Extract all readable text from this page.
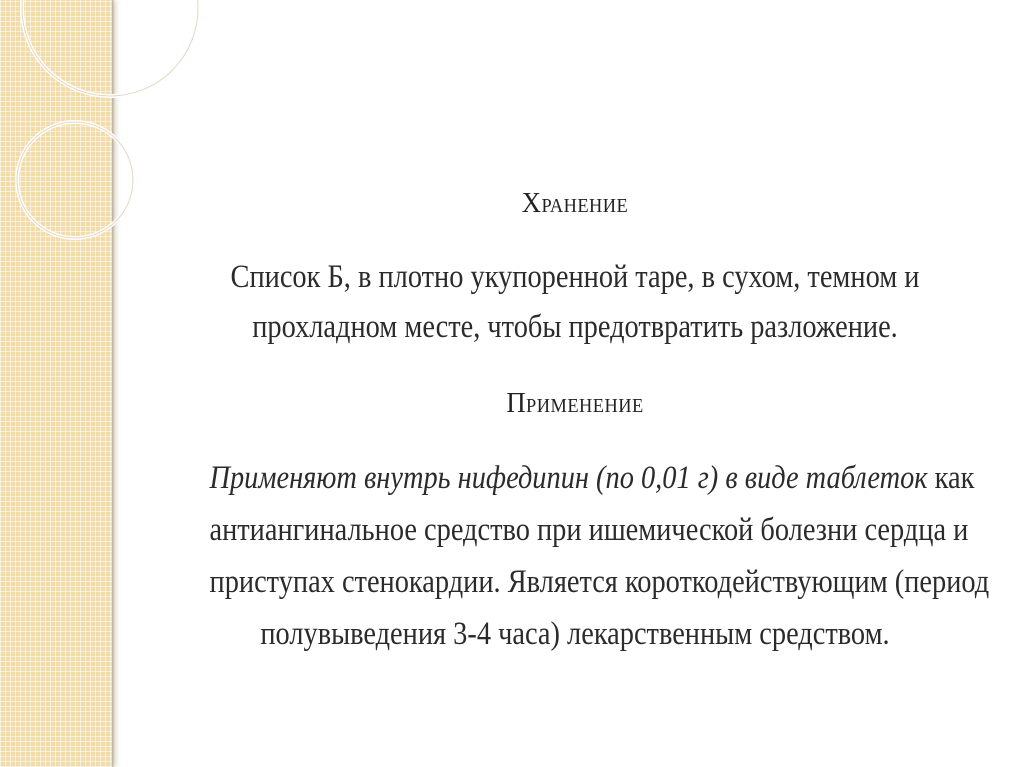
Хранение
Список Б, в плотно укупоренной таре, в сухом, темном и
прохладном месте, чтобы предотвратить разложение.
Применение
Применяют внутрь нифедипин (по 0,01 г) в виде таблеток как
антиангинальное средство при ишемической болезни сердца и
приступах стенокардии. Является короткодействующим (период
полувыведения 3-4 часа) лекарственным средством.
